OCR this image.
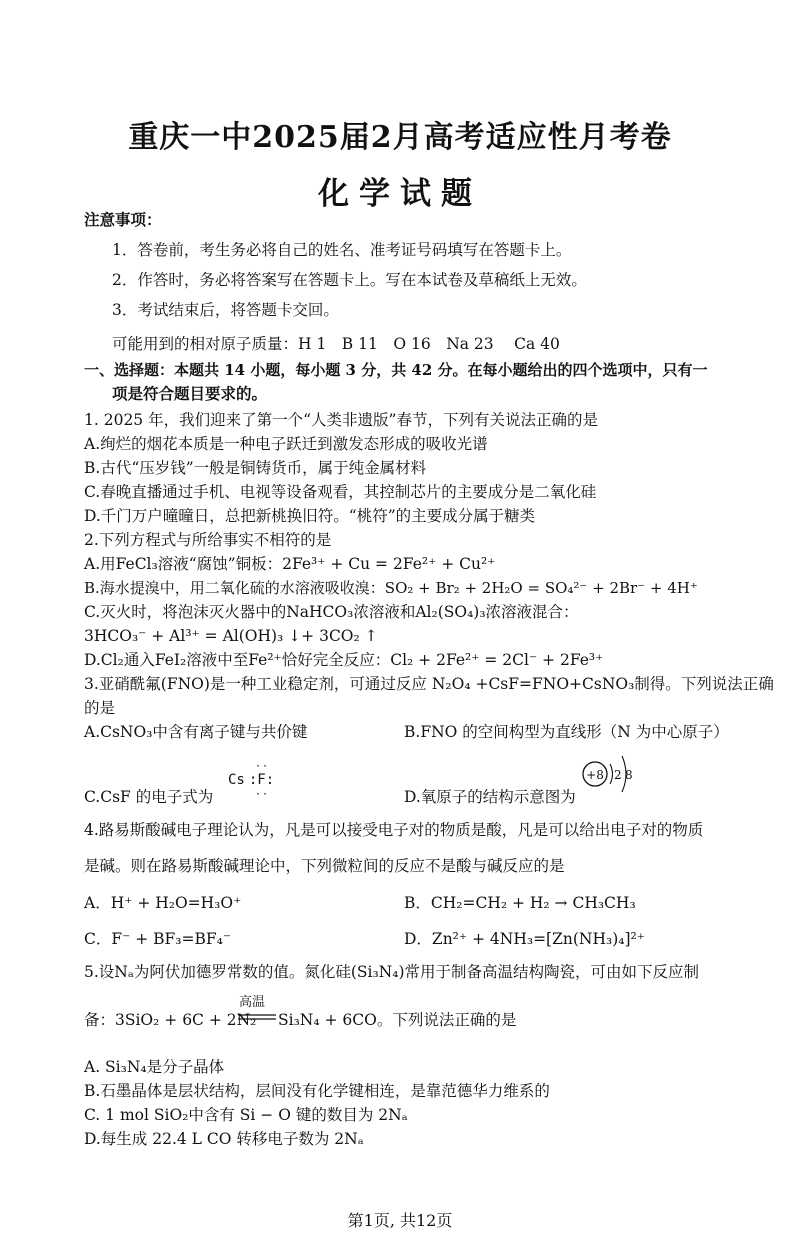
重庆一中2025届2月高考适应性月考卷
化学试题
注意事项：
1．答卷前，考生务必将自己的姓名、准考证号码填写在答题卡上。
2．作答时，务必将答案写在答题卡上。写在本试卷及草稿纸上无效。
3．考试结束后，将答题卡交回。
可能用到的相对原子质量：H 1　B 11　O 16　Na 23　 Ca 40
一、选择题：本题共 14 小题，每小题 3 分，共 42 分。在每小题给出的四个选项中，只有一
项是符合题目要求的。
1. 2025 年，我们迎来了第一个“人类非遗版”春节，下列有关说法正确的是
A.绚烂的烟花本质是一种电子跃迁到激发态形成的吸收光谱
B.古代“压岁钱”一般是铜铸货币，属于纯金属材料
C.春晚直播通过手机、电视等设备观看，其控制芯片的主要成分是二氧化硅
D.千门万户曈曈日，总把新桃换旧符。“桃符”的主要成分属于糖类
2.下列方程式与所给事实不相符的是
A.用FeCl₃溶液“腐蚀”铜板：2Fe³⁺ + Cu = 2Fe²⁺ + Cu²⁺
B.海水提溴中，用二氧化硫的水溶液吸收溴：SO₂ + Br₂ + 2H₂O = SO₄²⁻ + 2Br⁻ + 4H⁺
C.灭火时，将泡沫灭火器中的NaHCO₃浓溶液和Al₂(SO₄)₃浓溶液混合：
3HCO₃⁻ + Al³⁺ = Al(OH)₃ ↓+ 3CO₂ ↑
D.Cl₂通入FeI₂溶液中至Fe²⁺恰好完全反应：Cl₂ + 2Fe²⁺ = 2Cl⁻ + 2Fe³⁺
3.亚硝酰氟(FNO)是一种工业稳定剂，可通过反应 N₂O₄ +CsF=FNO+CsNO₃制得。下列说法正确
的是
A.CsNO₃中含有离子键与共价键	B.FNO 的空间构型为直线形（N 为中心原子）
C.CsF 的电子式为
Cs :F:
··
··	D.氧原子的结构示意图为
+8 2 8
4.路易斯酸碱电子理论认为，凡是可以接受电子对的物质是酸，凡是可以给出电子对的物质
是碱。则在路易斯酸碱理论中，下列微粒间的反应不是酸与碱反应的是
A．H⁺ + H₂O=H₃O⁺	B．CH₂=CH₂ + H₂ → CH₃CH₃
C．F⁻ + BF₃=BF₄⁻	D．Zn²⁺ + 4NH₃=[Zn(NH₃)₄]²⁺
5.设Nₐ为阿伏加德罗常数的值。氮化硅(Si₃N₄)常用于制备高温结构陶瓷，可由如下反应制
备：3SiO₂ + 6C + 2N₂
高温
Si₃N₄ + 6CO。下列说法正确的是
A. Si₃N₄是分子晶体
B.石墨晶体是层状结构，层间没有化学键相连，是靠范德华力维系的
C. 1 mol SiO₂中含有 Si − O 键的数目为 2Nₐ
D.每生成 22.4 L CO 转移电子数为 2Nₐ
第1页, 共12页
